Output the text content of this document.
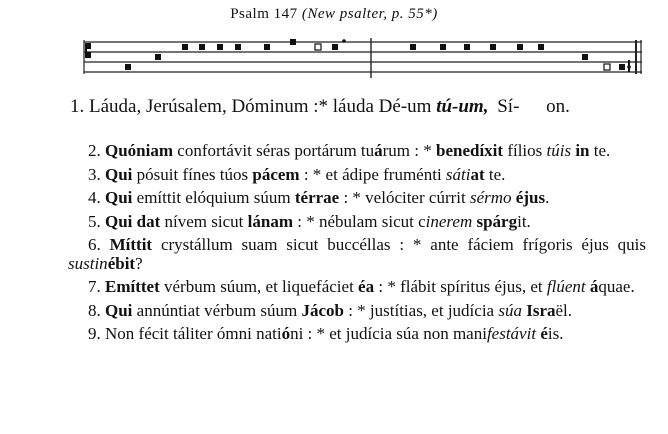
Psalm 147 (New psalter, p. 55*)
1. Láuda, Jerúsalem, Dóminum :* láuda Dé-um tú-um, Sí- on.
2. Quóniam confortávit séras portárum tuárum : * benedíxit fílios túis in te.
3. Qui pósuit fínes túos pácem : * et ádipe fruménti sátiat te.
4. Qui emíttit elóquium súum térrae : * velóciter cúrrit sérmo éjus.
5. Qui dat nívem sicut lánam : * nébulam sicut cinerem spárgit.
6. Míttit crystállum suam sicut buccéllas : * ante fáciem frígoris éjus quis sustinébit?
7. Emíttet vérbum súum, et liquefáciet éa : * flábit spíritus éjus, et flúent áquae.
8. Qui annúntiat vérbum súum Jácob : * justítias, et judícia súa Israël.
9. Non fécit táliter ómni natióni : * et judícia súa non manifestávit éis.
